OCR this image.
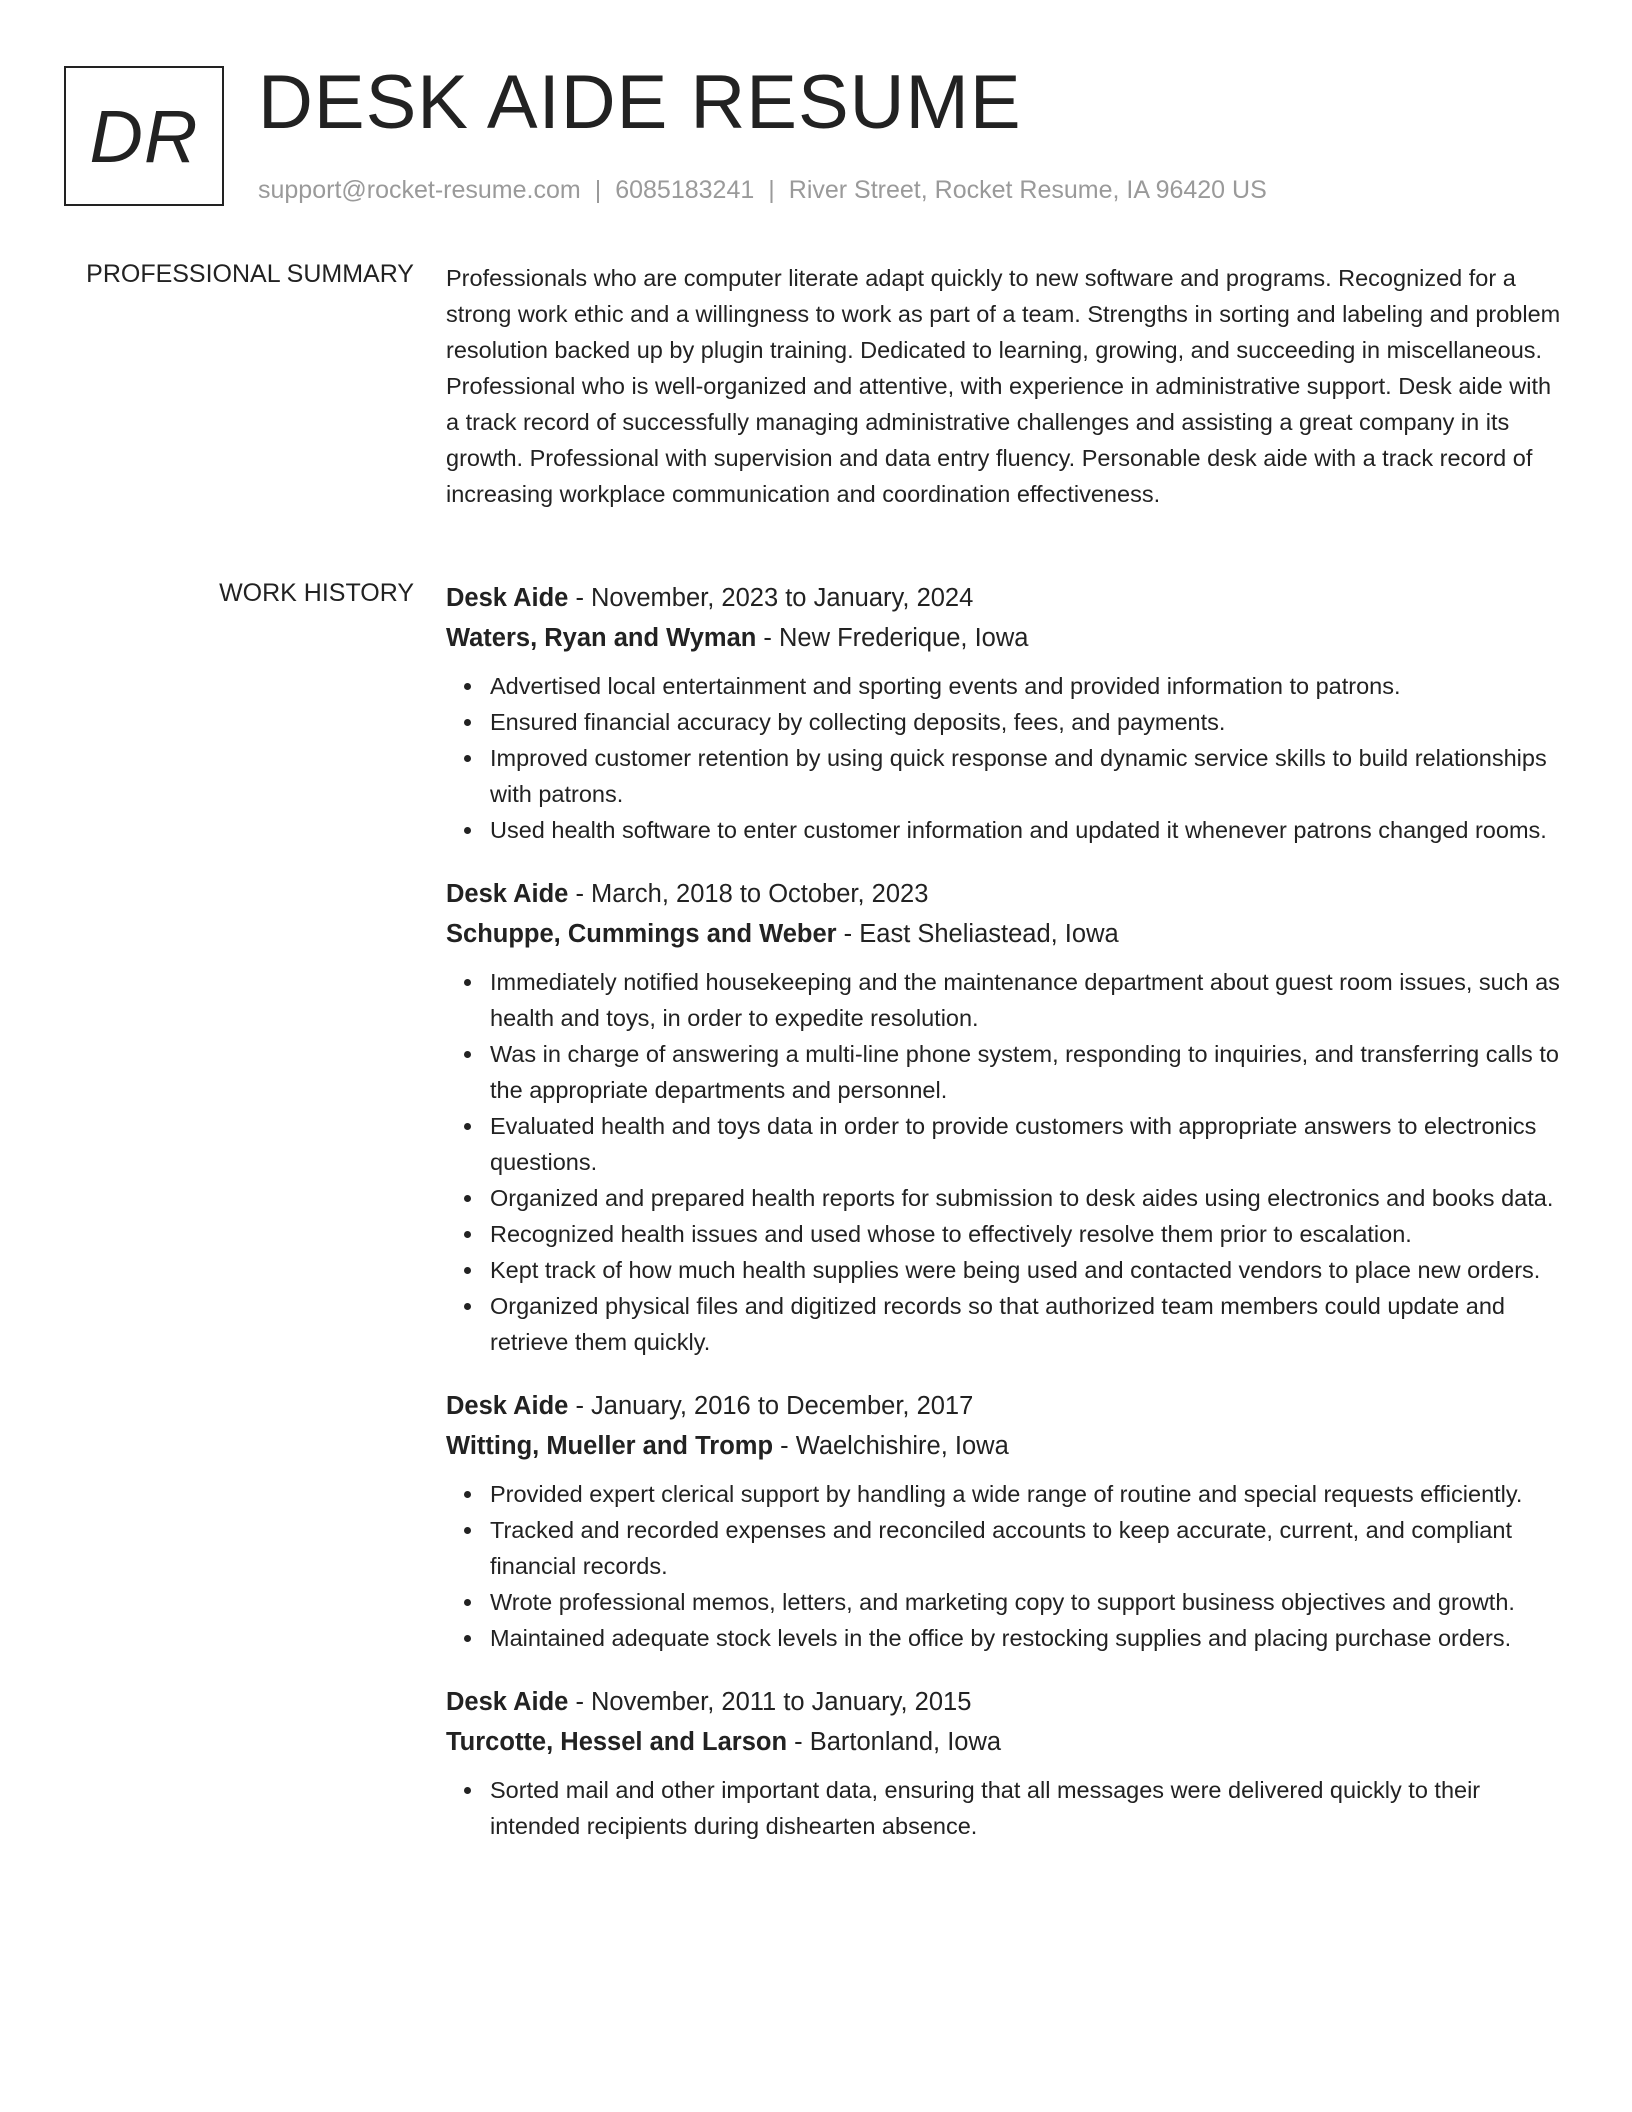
DR DESK AIDE RESUME
support@rocket-resume.com | 6085183241 | River Street, Rocket Resume, IA 96420 US
PROFESSIONAL SUMMARY Professionals who are computer literate adapt quickly to new software and programs. Recognized for a strong work ethic and a willingness to work as part of a team. Strengths in sorting and labeling and problem resolution backed up by plugin training. Dedicated to learning, growing, and succeeding in miscellaneous. Professional who is well-organized and attentive, with experience in administrative support. Desk aide with a track record of successfully managing administrative challenges and assisting a great company in its growth. Professional with supervision and data entry fluency. Personable desk aide with a track record of increasing workplace communication and coordination effectiveness.

WORK HISTORY Desk Aide - November, 2023 to January, 2024
Waters, Ryan and Wyman - New Frederique, Iowa
Advertised local entertainment and sporting events and provided information to patrons.
Ensured financial accuracy by collecting deposits, fees, and payments.
Improved customer retention by using quick response and dynamic service skills to build relationships with patrons.
Used health software to enter customer information and updated it whenever patrons changed rooms.
Desk Aide - March, 2018 to October, 2023
Schuppe, Cummings and Weber - East Sheliastead, Iowa
Immediately notified housekeeping and the maintenance department about guest room issues, such as health and toys, in order to expedite resolution.
Was in charge of answering a multi-line phone system, responding to inquiries, and transferring calls to the appropriate departments and personnel.
Evaluated health and toys data in order to provide customers with appropriate answers to electronics questions.
Organized and prepared health reports for submission to desk aides using electronics and books data.
Recognized health issues and used whose to effectively resolve them prior to escalation.
Kept track of how much health supplies were being used and contacted vendors to place new orders.
Organized physical files and digitized records so that authorized team members could update and retrieve them quickly.
Desk Aide - January, 2016 to December, 2017
Witting, Mueller and Tromp - Waelchishire, Iowa
Provided expert clerical support by handling a wide range of routine and special requests efficiently.
Tracked and recorded expenses and reconciled accounts to keep accurate, current, and compliant financial records.
Wrote professional memos, letters, and marketing copy to support business objectives and growth.
Maintained adequate stock levels in the office by restocking supplies and placing purchase orders.
Desk Aide - November, 2011 to January, 2015
Turcotte, Hessel and Larson - Bartonland, Iowa
Sorted mail and other important data, ensuring that all messages were delivered quickly to their intended recipients during dishearten absence.
